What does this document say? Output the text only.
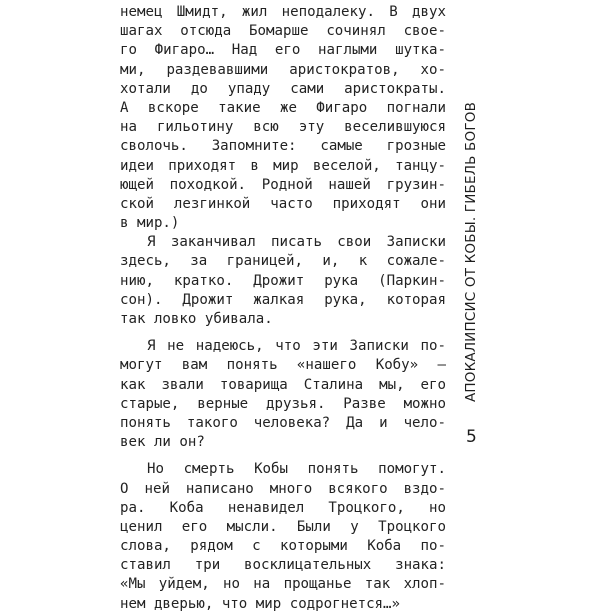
немец Шмидт, жил неподалеку. В двух
шагах отсюда Бомарше сочинял свое-
го Фигаро… Над его наглыми шутка-
ми, раздевавшими аристократов, хо-
хотали до упаду сами аристократы.
А вскоре такие же Фигаро погнали
на гильотину всю эту веселившуюся
сволочь. Запомните: самые грозные
идеи приходят в мир веселой, танцу-
ющей походкой. Родной нашей грузин-
ской лезгинкой часто приходят они
в мир.)
Я заканчивал писать свои Записки
здесь, за границей, и, к сожале-
нию, кратко. Дрожит рука (Паркин-
сон). Дрожит жалкая рука, которая
так ловко убивала.
Я не надеюсь, что эти Записки по-
могут вам понять «нашего Кобу» —
как звали товарища Сталина мы, его
старые, верные друзья. Разве можно
понять такого человека? Да и чело-
век ли он?
Но смерть Кобы понять помогут.
О ней написано много всякого вздо-
ра. Коба ненавидел Троцкого, но
ценил его мысли. Были у Троцкого
слова, рядом с которыми Коба по-
ставил три восклицательных знака:
«Мы уйдем, но на прощанье так хлоп-
нем дверью, что мир содрогнется…»
АПОКАЛИПСИС ОТ КОБЫ. ГИБЕЛЬ БОГОВ
5
